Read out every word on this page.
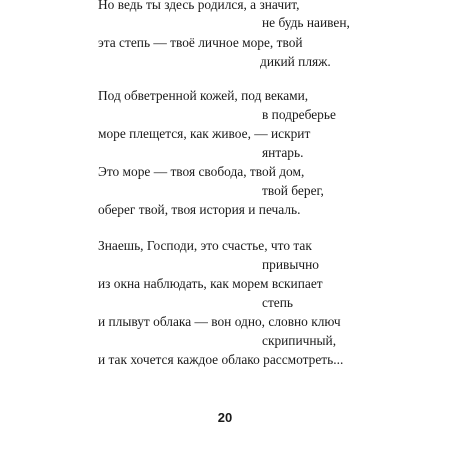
Но ведь ты здесь родился, а значит,
не будь наивен,
эта степь — твоё личное море, твой
дикий пляж.
Под обветренной кожей, под веками,
в подреберье
море плещется, как живое, — искрит
янтарь.
Это море — твоя свобода, твой дом,
твой берег,
оберег твой, твоя история и печаль.
Знаешь, Господи, это счастье, что так
привычно
из окна наблюдать, как морем вскипает
степь
и плывут облака — вон одно, словно ключ
скрипичный,
и так хочется каждое облако рассмотреть...
20
